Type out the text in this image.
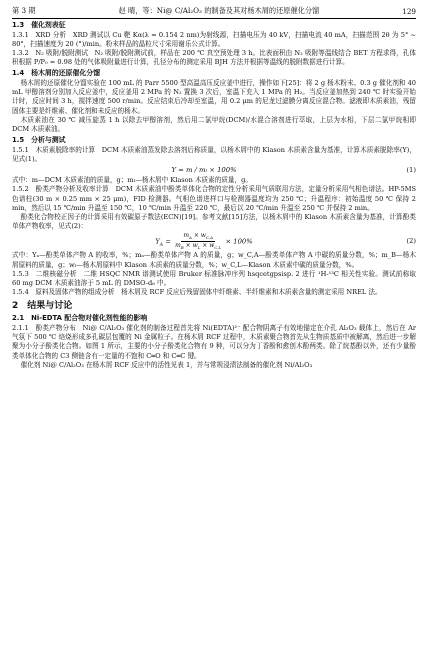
第 3 期	赵 晴，等：Ni@ C/Al₂O₃ 的制备及其对杨木屑的还原催化分馏	129
1.3　催化剂表征

1.3.1　XRD 分析　XRD 测试以 Cu 靶 Kα(λ = 0.154 2 nm)为射线源，扫描电压为 40 kV，扫描电流 40 mA，扫描范围 2θ 为 5° ~ 80°，扫描速度为 20 (°)/min。粉末样品的晶粒尺寸采用谢乐公式计算。

1.3.2　N₂ 吸附/脱附测试　N₂ 吸附/脱附测试前，样品在 200 ℃ 真空预处理 3 h。比表面积由 N₂ 吸附等温线结合 BET 方程求得，孔体积根据 P/P₀ = 0.98 处的气体吸附量进行计算，孔径分布的测定采用 BJH 方法并根据等温线的脱附数据进行计算。

1.4　杨木屑的还原催化分馏

杨木屑的还原催化分馏实验在 100 mL 的 Parr 5500 型高温高压反应釜中进行，操作如下[25]：将 2 g 杨木粉末、0.3 g 催化剂和 40 mL 甲醇溶剂分别加入反应釜中，反应釜用 2 MPa 的 N₂ 置换 3 次后，室温下充入 1 MPa 的 H₂。当反应釜加热到 240 ℃ 时实验开始计时，反应时间 3 h，搅拌速度 500 r/min。反应结束后冷却至室温，用 0.2 μm 的尼龙过滤膜分离反应混合物。滤液即木质素油，残留固体主要是纤维素、催化剂和未反应的杨木。

木质素油在 30 ℃ 减压旋蒸 1 h 以除去甲醇溶剂，然后用二氯甲烷(DCM)/水混合溶剂进行萃取，上层为水相，下层二氯甲烷相即 DCM 木质素油。

1.5　分析与测试

1.5.1　木质素脱除率的计算　DCM 木质素油蒸发除去溶剂后称质量，以杨木屑中的 Klason 木质素含量为基准，计算木质素脱除率(Y)，见式(1)。

Y = m / mₗ × 100%	(1)

式中：m—DCM 木质素油的质量，g；mₗ—杨木屑中 Klason 木质素的质量，g。

1.5.2　酚类产物分析及收率计算　DCM 木质素油中酚类单体化合物的定性分析采用气质联用方法，定量分析采用气相色谱法。HP-5MS 色谱柱(30 m × 0.25 mm × 25 μm)，FID 检测器。气相色谱进样口与检测器温度均为 250 ℃；升温程序：初始温度 50 ℃ 保持 2 min，然后以 15 ℃/min 升温至 150 ℃，10 ℃/min 升温至 220 ℃，最后以 20 ℃/min 升温至 250 ℃ 并保持 2 min。

酚类化合物校正因子的计算采用有效碳原子数法(ECN)[19]。参考文献[15]方法，以杨木屑中的 Klason 木质素含量为基准，计算酚类单体产物收率，见式(2)：

$Y_A = \frac{m_A \times w_{C,A}}{m_B \times w_L \times w_{C,L}} \times 100\%$	(2)

式中：Yₐ—酚类单体产物 A 的收率，%；mₐ—酚类单体产物 A 的质量，g；w_C,A—酚类单体产物 A 中碳的质量分数，%；m_B—杨木屑原料的质量，g；wₗ—杨木屑原料中 Klason 木质素的质量分数，%；w_C,L—Klason 木质素中碳的质量分数，%。

1.5.3　二维核磁分析　二维 HSQC NMR 谱测试使用 Bruker 标准脉冲序列 hsqcetgpsisp. 2 进行 ¹H-¹³C 相关性实验。测试前称取 60 mg DCM 木质素油溶于 5 mL 的 DMSO-d₆ 中。

1.5.4　原料及固体产物的组成分析　杨木屑及 RCF 反应后残留固体中纤维素、半纤维素和木质素含量的测定采用 NREL 法。

2　结果与讨论
2.1　Ni-EDTA 配合物对催化剂性能的影响

2.1.1　酚类产物分布　Ni@ C/Al₂O₃ 催化剂的制备过程首先将 Ni(EDTA)²⁻ 配合物阴离子有效地锚定在介孔 Al₂O₃ 载体上，然后在 Ar 气氛下 500 ℃ 焙烧形成多孔碳层包覆的 Ni 金属粒子。在杨木屑 RCF 过程中，木质素聚合物首先从生物质基质中被解离，然后进一步解聚为小分子酚类化合物。如图 1 所示，主要的小分子酚类化合物有 9 种，可以分为丁香酚和愈创木酚两类。除了烷基酚以外，还有少量酚类单体化合物的 C3 侧链含有一定量的不饱和 C═O 和 C═C 键。

催化剂 Ni@ C/Al₂O₃ 在杨木屑 RCF 反应中的活性见表 1，并与常规浸渍法制备的催化剂 Ni/Al₂O₃
